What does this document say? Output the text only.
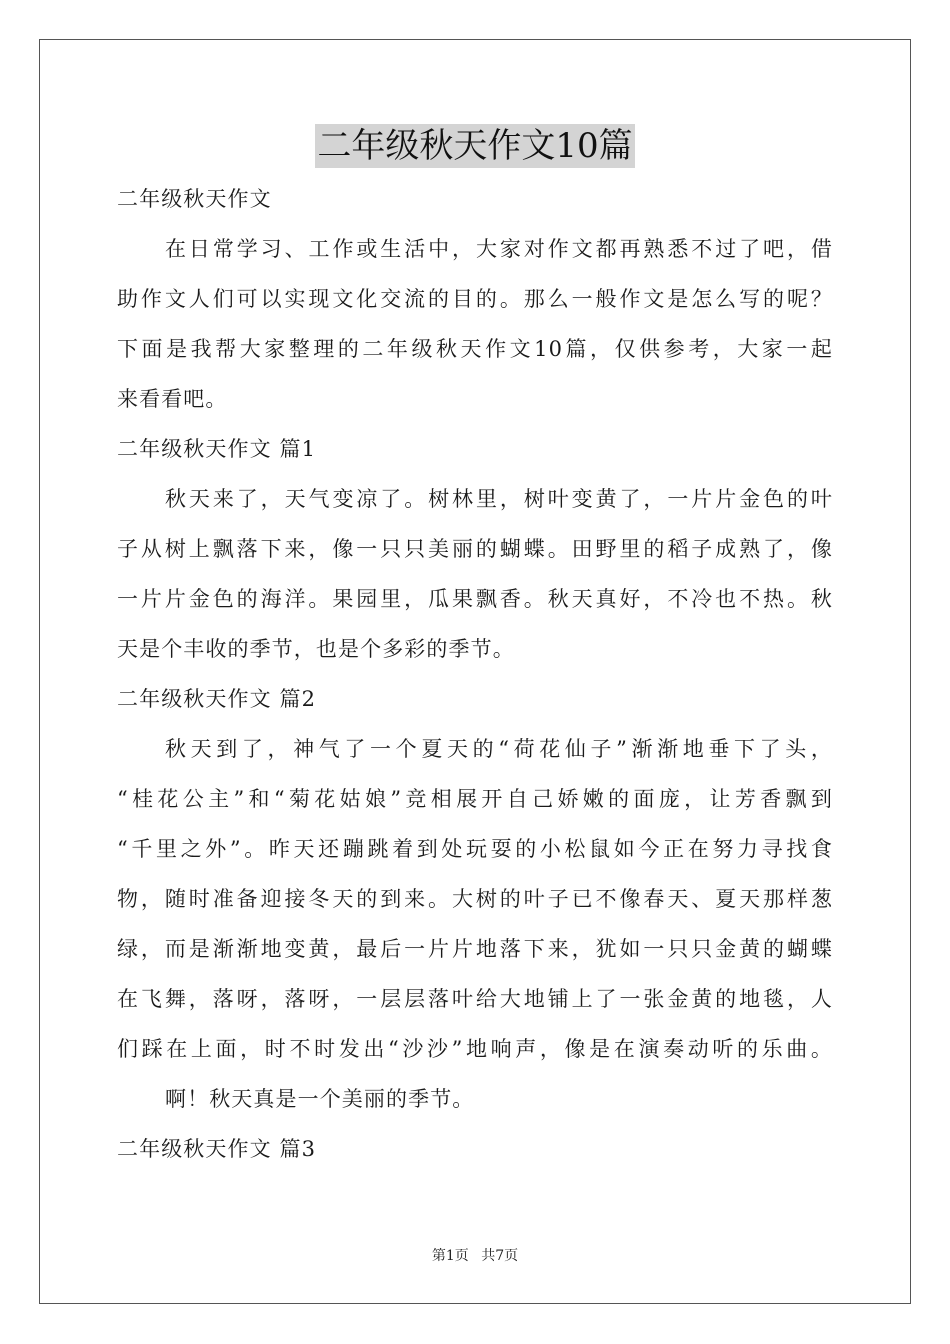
二年级秋天作文10篇
二年级秋天作文
在日常学习、工作或生活中，大家对作文都再熟悉不过了吧，借
助作文人们可以实现文化交流的目的。那么一般作文是怎么写的呢？
下面是我帮大家整理的二年级秋天作文10篇，仅供参考，大家一起
来看看吧。
二年级秋天作文 篇1
秋天来了，天气变凉了。树林里，树叶变黄了，一片片金色的叶
子从树上飘落下来，像一只只美丽的蝴蝶。田野里的稻子成熟了，像
一片片金色的海洋。果园里，瓜果飘香。秋天真好，不冷也不热。秋
天是个丰收的季节，也是个多彩的季节。
二年级秋天作文 篇2
秋天到了，神气了一个夏天的“荷花仙子”渐渐地垂下了头，
“桂花公主”和“菊花姑娘”竞相展开自己娇嫩的面庞，让芳香飘到
“千里之外”。昨天还蹦跳着到处玩耍的小松鼠如今正在努力寻找食
物，随时准备迎接冬天的到来。大树的叶子已不像春天、夏天那样葱
绿，而是渐渐地变黄，最后一片片地落下来，犹如一只只金黄的蝴蝶
在飞舞，落呀，落呀，一层层落叶给大地铺上了一张金黄的地毯，人
们踩在上面，时不时发出“沙沙”地响声，像是在演奏动听的乐曲。
啊！秋天真是一个美丽的季节。
二年级秋天作文 篇3
第1页 共7页
